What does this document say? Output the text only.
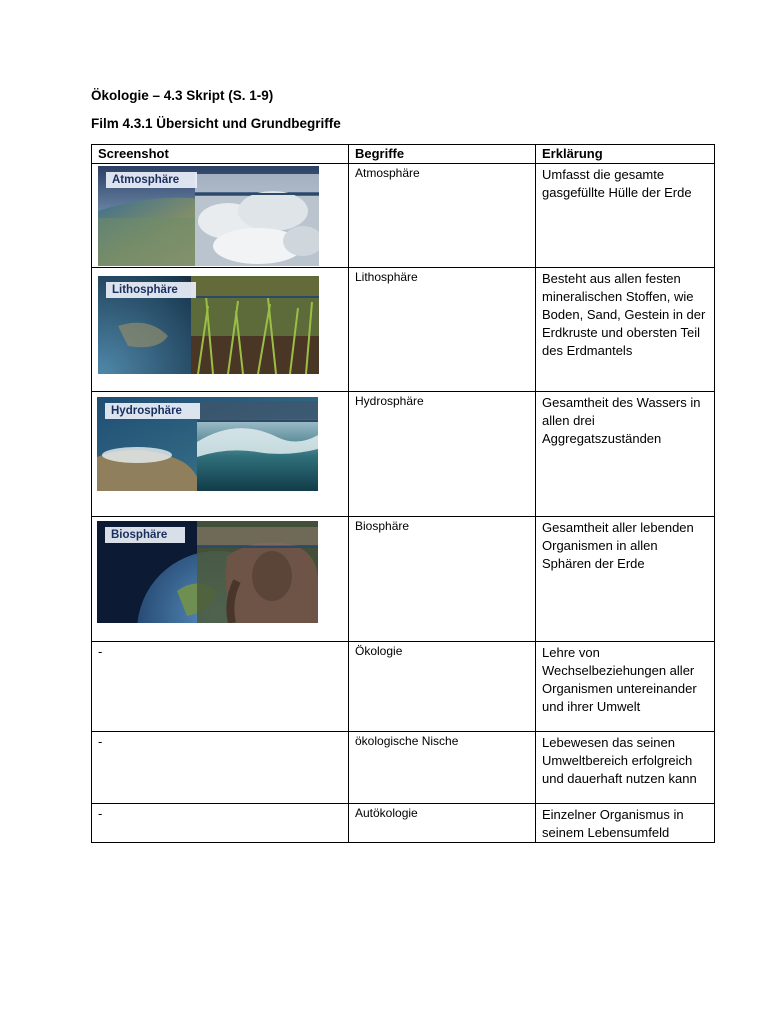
Ökologie – 4.3 Skript (S. 1-9)
Film 4.3.1 Übersicht und Grundbegriffe
Screenshot	Begriffe	Erklärung

Atmosphäre	Atmosphäre	Umfasst die gesamte gasgefüllte Hülle der Erde

Lithosphäre	Lithosphäre	Besteht aus allen festen mineralischen Stoffen, wie Boden, Sand, Gestein in der Erdkruste und obersten Teil des Erdmantels

Hydrosphäre	Hydrosphäre	Gesamtheit des Wassers in allen drei Aggregatszuständen

Biosphäre	Biosphäre	Gesamtheit aller lebenden Organismen in allen Sphären der Erde
-	Ökologie	Lehre von Wechselbeziehungen aller Organismen untereinander und ihrer Umwelt
-	ökologische Nische	Lebewesen das seinen Umweltbereich erfolgreich und dauerhaft nutzen kann
-	Autökologie	Einzelner Organismus in seinem Lebensumfeld
